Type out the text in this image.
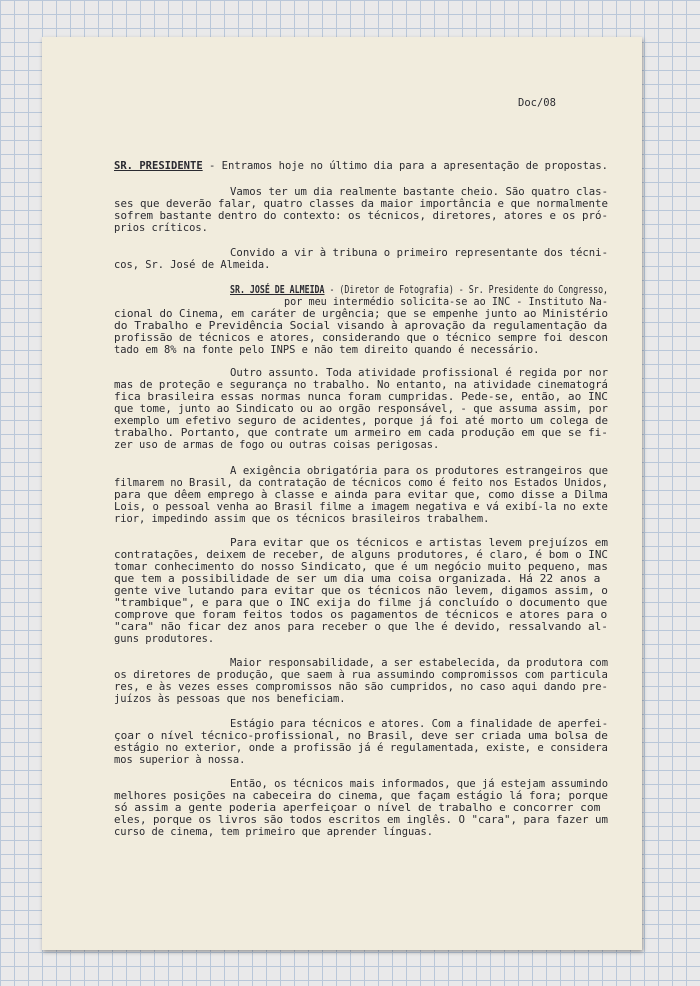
Doc/08
SR. PRESIDENTE - Entramos hoje no último dia para a apresentação de propostas.
Vamos ter um dia realmente bastante cheio. São quatro clas-
ses que deverão falar, quatro classes da maior importância e que normalmente
sofrem bastante dentro do contexto: os técnicos, diretores, atores e os pró-
prios críticos.
Convido a vir à tribuna o primeiro representante dos técni-
cos, Sr. José de Almeida.
SR. JOSÉ DE ALMEIDA - (Diretor de Fotografia) - Sr. Presidente do Congresso,
por meu intermédio solicita-se ao INC - Instituto Na-
cional do Cinema, em caráter de urgência; que se empenhe junto ao Ministério
do Trabalho e Previdência Social visando à aprovação da regulamentação da
profissão de técnicos e atores, considerando que o técnico sempre foi descon
tado em 8% na fonte pelo INPS e não tem direito quando é necessário.
Outro assunto. Toda atividade profissional é regida por nor
mas de proteção e segurança no trabalho. No entanto, na atividade cinematográ
fica brasileira essas normas nunca foram cumpridas. Pede-se, então, ao INC
que tome, junto ao Sindicato ou ao orgão responsável, - que assuma assim, por
exemplo um efetivo seguro de acidentes, porque já foi até morto um colega de
trabalho. Portanto, que contrate um armeiro em cada produção em que se fi-
zer uso de armas de fogo ou outras coisas perigosas.
A exigência obrigatória para os produtores estrangeiros que
filmarem no Brasil, da contratação de técnicos como é feito nos Estados Unidos,
para que dêem emprego à classe e ainda para evitar que, como disse a Dilma
Lois, o pessoal venha ao Brasil filme a imagem negativa e vá exibí-la no exte
rior, impedindo assim que os técnicos brasileiros trabalhem.
Para evitar que os técnicos e artistas levem prejuízos em
contratações, deixem de receber, de alguns produtores, é claro, é bom o INC
tomar conhecimento do nosso Sindicato, que é um negócio muito pequeno, mas
que tem a possibilidade de ser um dia uma coisa organizada. Há 22 anos a
gente vive lutando para evitar que os técnicos não levem, digamos assim, o
"trambique", e para que o INC exija do filme já concluído o documento que
comprove que foram feitos todos os pagamentos de técnicos e atores para o
"cara" não ficar dez anos para receber o que lhe é devido, ressalvando al-
guns produtores.
Maior responsabilidade, a ser estabelecida, da produtora com
os diretores de produção, que saem à rua assumindo compromissos com particula
res, e às vezes esses compromissos não são cumpridos, no caso aqui dando pre-
juízos às pessoas que nos beneficiam.
Estágio para técnicos e atores. Com a finalidade de aperfei-
çoar o nível técnico-profissional, no Brasil, deve ser criada uma bolsa de
estágio no exterior, onde a profissão já é regulamentada, existe, e considera
mos superior à nossa.
Então, os técnicos mais informados, que já estejam assumindo
melhores posições na cabeceira do cinema, que façam estágio lá fora; porque
só assim a gente poderia aperfeiçoar o nível de trabalho e concorrer com
eles, porque os livros são todos escritos em inglês. O "cara", para fazer um
curso de cinema, tem primeiro que aprender línguas.
